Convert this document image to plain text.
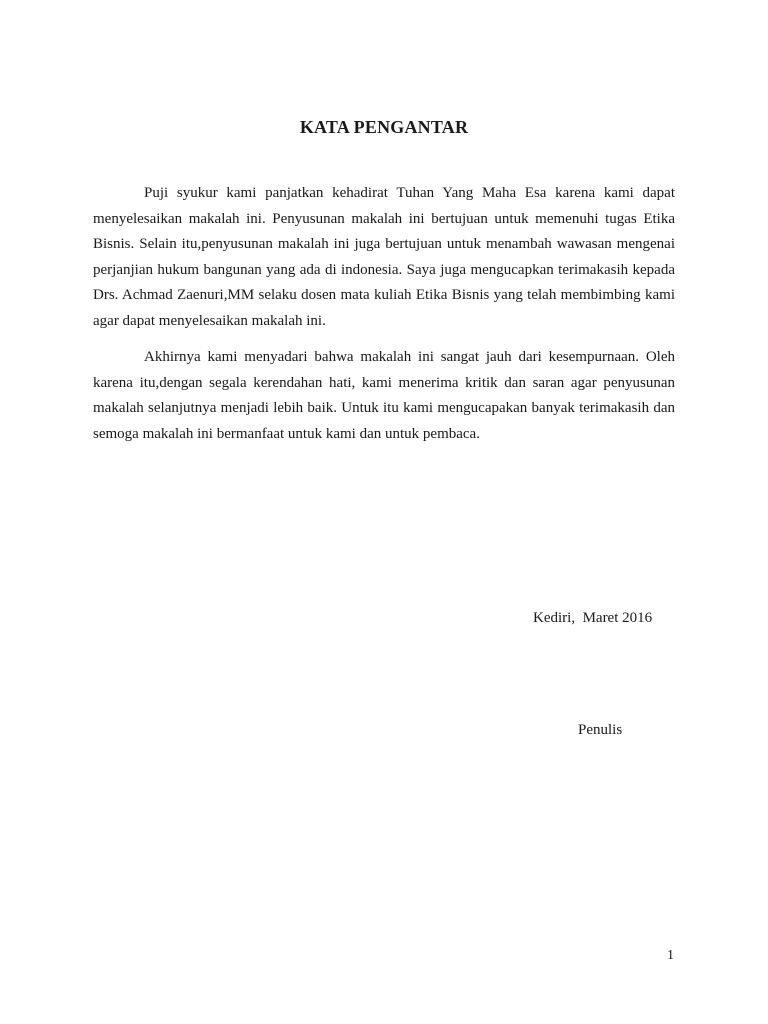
KATA PENGANTAR
Puji syukur kami panjatkan kehadirat Tuhan Yang Maha Esa karena kami dapat menyelesaikan makalah ini. Penyusunan makalah ini bertujuan untuk memenuhi tugas Etika Bisnis. Selain itu,penyusunan makalah ini juga bertujuan untuk menambah wawasan mengenai perjanjian hukum bangunan yang ada di indonesia. Saya juga mengucapkan terimakasih kepada Drs. Achmad Zaenuri,MM selaku dosen mata kuliah Etika Bisnis yang telah membimbing kami agar dapat menyelesaikan makalah ini.
Akhirnya kami menyadari bahwa makalah ini sangat jauh dari kesempurnaan. Oleh karena itu,dengan segala kerendahan hati, kami menerima kritik dan saran agar penyusunan makalah selanjutnya menjadi lebih baik. Untuk itu kami mengucapakan banyak terimakasih dan semoga makalah ini bermanfaat untuk kami dan untuk pembaca.
Kediri,  Maret 2016
Penulis
1
